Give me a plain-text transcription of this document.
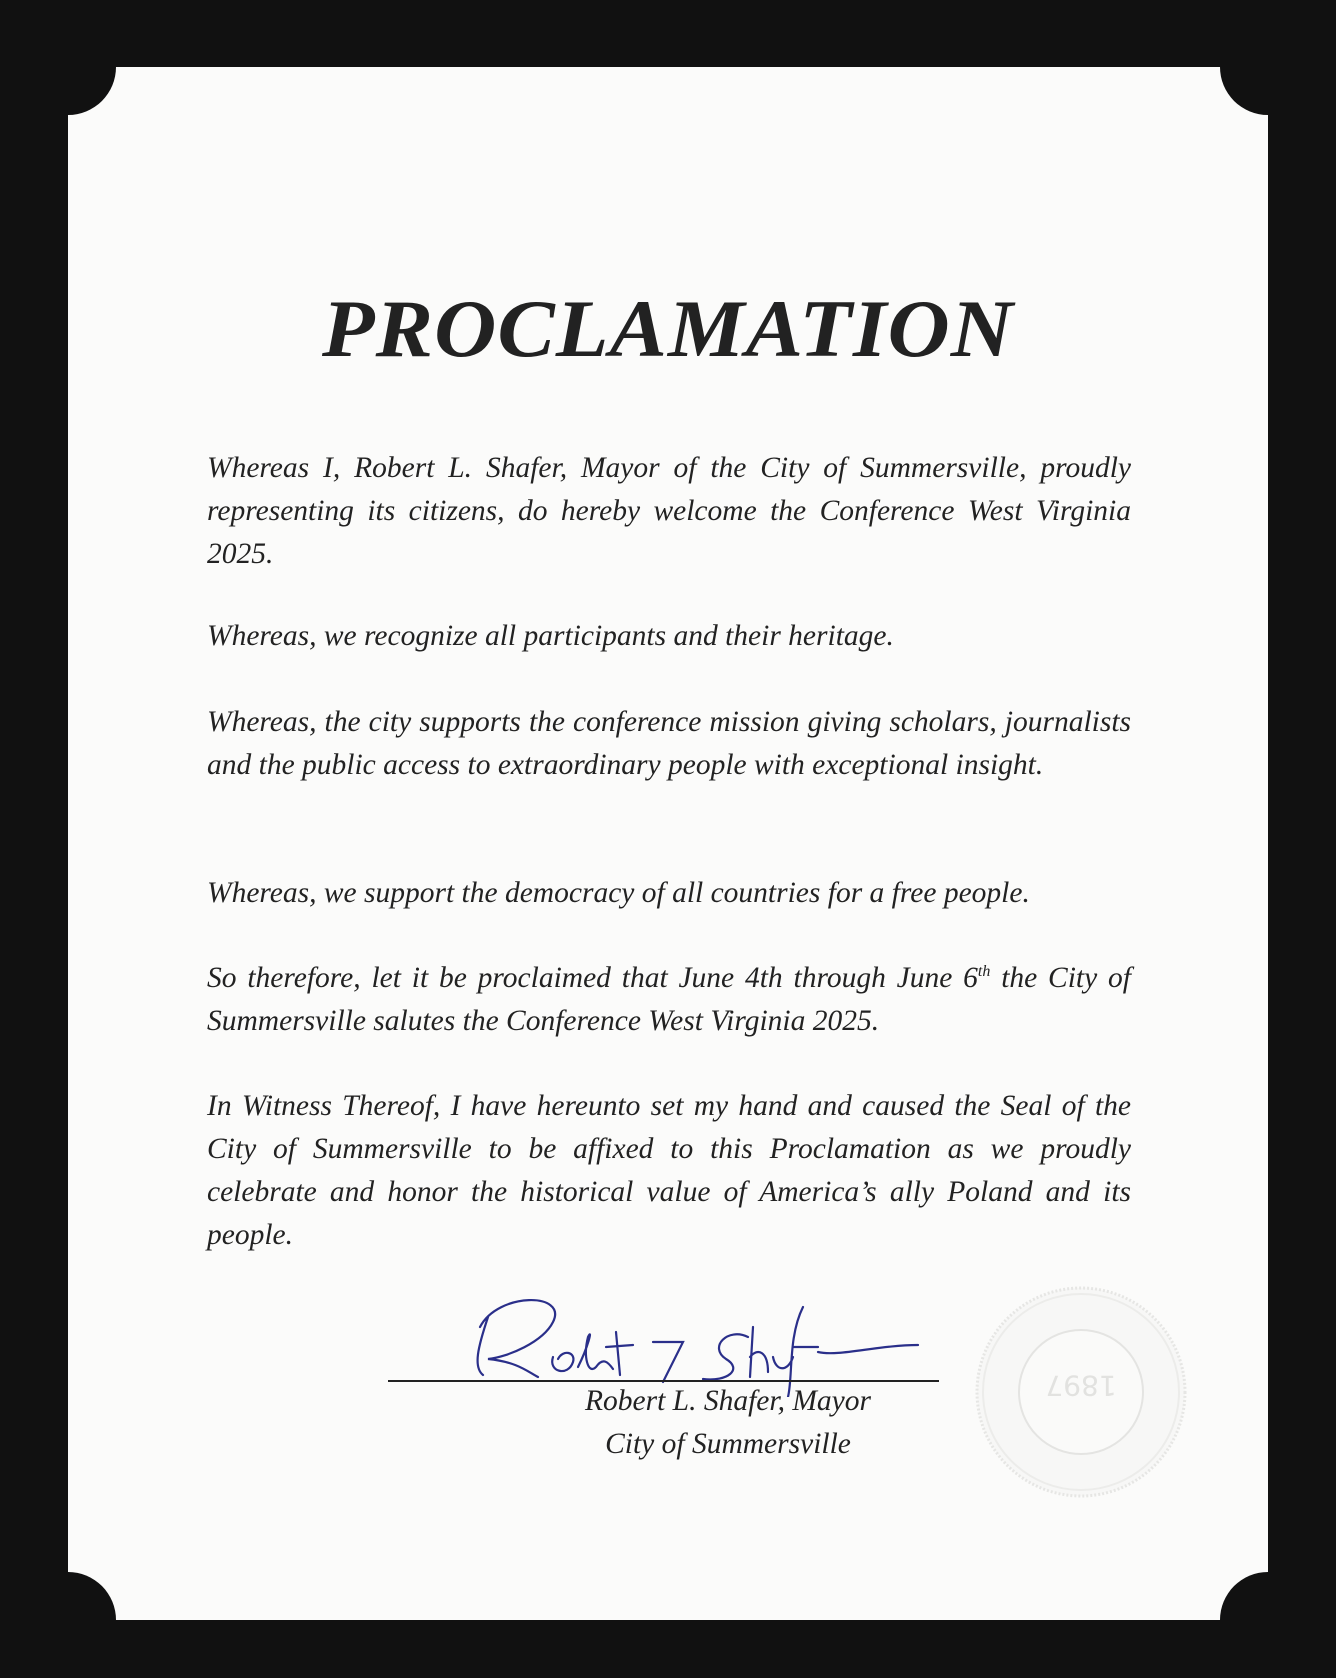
PROCLAMATION
Whereas I, Robert L. Shafer, Mayor of the City of Summersville, proudly representing its citizens, do hereby welcome the Conference West Virginia 2025.
Whereas, we recognize all participants and their heritage.
Whereas, the city supports the conference mission giving scholars, journalists and the public access to extraordinary people with exceptional insight.
Whereas, we support the democracy of all countries for a free people.
So therefore, let it be proclaimed that June 4th through June 6th the City of Summersville salutes the Conference West Virginia 2025.
In Witness Thereof, I have hereunto set my hand and caused the Seal of the City of Summersville to be affixed to this Proclamation as we proudly celebrate and honor the historical value of America’s ally Poland and its people.
Robert L. Shafer, Mayor
City of Summersville
1897
